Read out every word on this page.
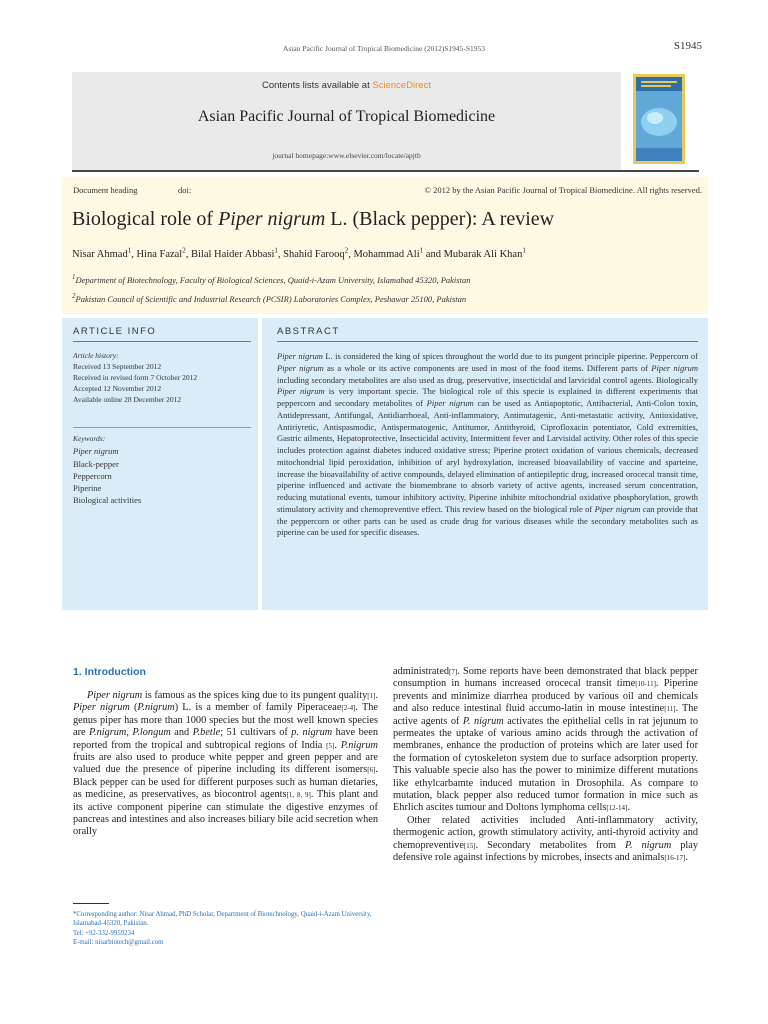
Asian Pacific Journal of Tropical Biomedicine (2012)S1945-S1953	S1945
Contents lists available at ScienceDirect
Asian Pacific Journal of Tropical Biomedicine
journal homepage:www.elsevier.com/locate/apjtb
Document heading	doi:	© 2012 by the Asian Pacific Journal of Tropical Biomedicine. All rights reserved.
Biological role of Piper nigrum L. (Black pepper): A review
Nisar Ahmad$^1$, Hina Fazal$^2$, Bilal Haider Abbasi$^1$, Shahid Farooq$^2$, Mohammad Ali$^1$ and Mubarak Ali Khan$^1$
$^1$Department of Biotechnology, Faculty of Biological Sciences, Quaid-i-Azam University, Islamabad 45320, Pakistan
$^2$Pakistan Council of Scientific and Industrial Research (PCSIR) Laboratories Complex, Peshawar 25100, Pakistan
ARTICLE INFO	ABSTRACT
Article history:
Received 13 September 2012
Received in revised form 7 October 2012
Accepted 12 November 2012
Available online 28 December 2012
Keywords:
Piper nigrum
Black-pepper
Peppercorn
Piperine
Biological activities
Piper nigrum L. is considered the king of spices throughout the world due to its pungent principle piperine. Peppercorn of Piper nigrum as a whole or its active components are used in most of the food items. Different parts of Piper nigrum including secondary metabolites are also used as drug, preservative, insecticidal and larvicidal control agents. Biologically Piper nigrum is very important specie. The biological role of this specie is explained in different experiments that peppercorn and secondary metabolites of Piper nigrum can be used as Antiapoptotic, Antibacterial, Anti-Colon toxin, Antidepressant, Antifungal, Antidiarrhoeal, Anti-inflammatory, Antimutagenic, Anti-metastatic activity, Antioxidative, Antiriyretic, Antispasmodic, Antispermatogenic, Antitumor, Antithyroid, Ciprofloxacin potentiator, Cold extremities, Gastric ailments, Hepatoprotective, Insecticidal activity, Intermittent fever and Larvisidal activity. Other roles of this specie includes protection against diabetes induced oxidative stress; Piperine protect oxidation of various chemicals, decreased mitochondrial lipid peroxidation, inhibition of aryl hydroxylation, increased bioavailability of vaccine and sparteine, increase the bioavailability of active compounds, delayed elimination of antiepileptic drug, increased orocecal transit time, piperine influenced and activate the biomembrane to absorb variety of active agents, increased serum concentration, reducing mutational events, tumour inhibitory activity, Piperine inhibite mitochondrial oxidative phosphorylation, growth stimulatory activity and chemopreventive effect. This review based on the biological role of Piper nigrum can provide that the peppercorn or other parts can be used as crude drug for various diseases while the secondary metabolites such as piperine can be used for specific diseases.
1. Introduction

Piper nigrum is famous as the spices king due to its pungent quality[1]. Piper nigrum (P.nigrum) L. is a member of family Piperaceae[2-4]. The genus piper has more than 1000 species but the most well known species are P.nigrum, P.longum and P.betle; 51 cultivars of p. nigrum have been reported from the tropical and subtropical regions of India [5]. P.nigrum fruits are also used to produce white pepper and green pepper and are valued due the presence of piperine including its different isomers[6]. Black pepper can be used for different purposes such as human dietaries, as medicine, as preservatives, as biocontrol agents[1, 8, 9]. This plant and its active component piperine can stimulate the digestive enzymes of pancreas and intestines and also increases biliary bile acid secretion when orally

administrated[7]. Some reports have been demonstrated that black pepper consumption in humans increased orocecal transit time[10-11]. Piperine prevents and minimize diarrhea produced by various oil and chemicals and also reduce intestinal fluid accumo-latin in mouse intestine[11]. The active agents of P. nigrum activates the epithelial cells in rat jejunum to permeates the uptake of various amino acids through the activation of membranes, enhance the production of proteins which are later used for the formation of cytoskeleton system due to surface adsorption property. This valuable specie also has the power to minimize different mutations like ethylcarbamte induced mutation in Drosophila. As compare to mutation, black pepper also reduced tumor formation in mice such as Ehrlich ascites tumour and Doltons lymphoma cells[12-14].

Other related activities included Anti-inflammatory activity, thermogenic action, growth stimulatory activity, anti-thyroid activity and chemopreventive[15]. Secondary metabolites from P. nigrum play defensive role against infections by microbes, insects and animals[16-17].

*Corresponding author: Nisar Ahmad, PhD Scholar, Department of Biotechnology, Quaid-i-Azam University, Islamabad-45320, Pakistan.
Tel: +92-332-9959234
E-mail: nisarbiotech@gmail.com
